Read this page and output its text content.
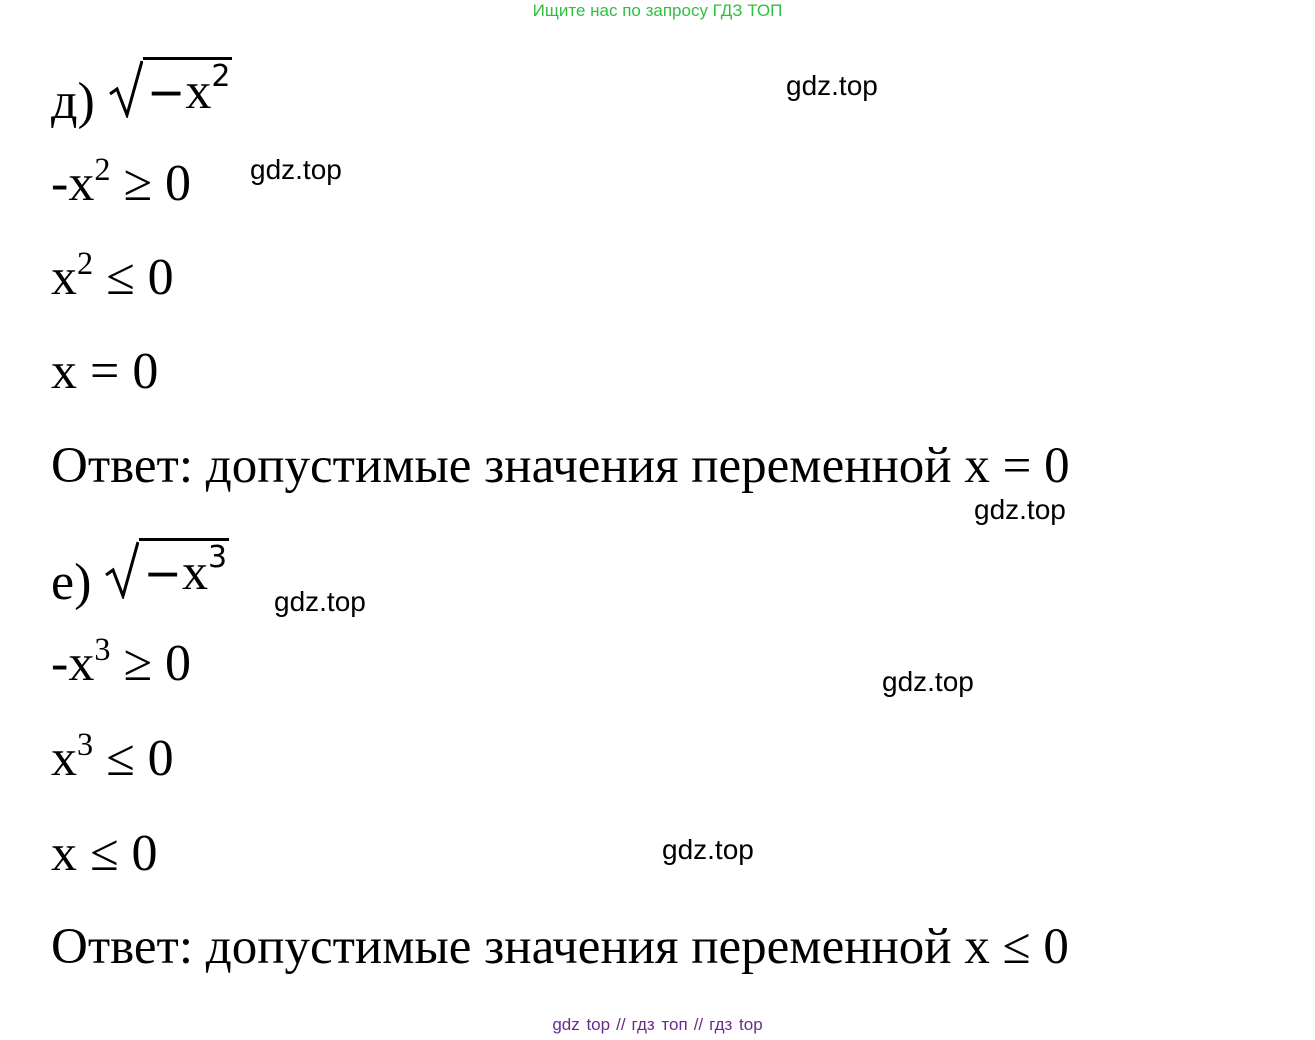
Ищите нас по запросу ГДЗ ТОП
$д) -x^2$
$-x^2 \ge 0$
$x^2 \le 0$
x = 0
Ответ: допустимые значения переменной x = 0
$е) -x^3$
$-x^3 \ge 0$
$x^3 \le 0$
x ≤ 0
Ответ: допустимые значения переменной x ≤ 0
gdz.top
gdz.top
gdz.top
gdz.top
gdz.top
gdz.top
gdz top // гдз топ // гдз top
